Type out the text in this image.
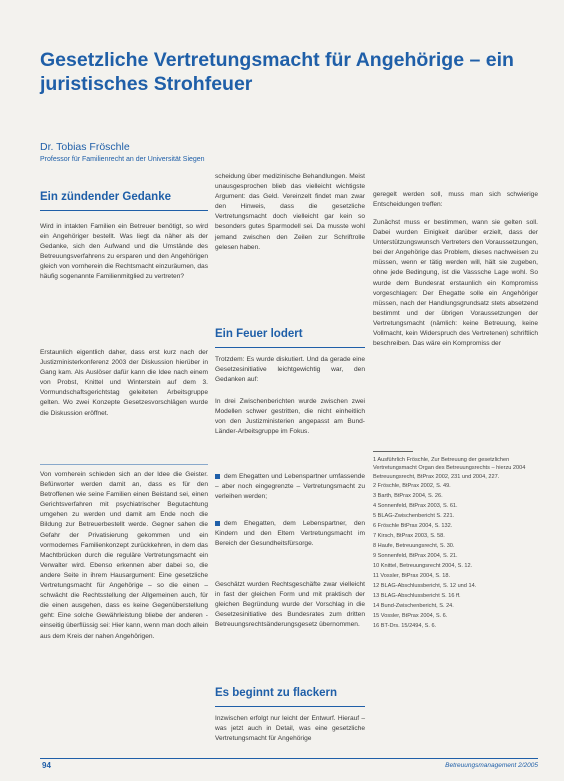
Gesetzliche Vertretungsmacht für Angehörige – ein juristisches Strohfeuer
Dr. Tobias Fröschle
Professor für Familienrecht an der Universität Siegen
Ein zündender Gedanke
Wird in intakten Familien ein Betreuer benötigt, so wird ein Angehöriger bestellt. Was liegt da näher als der Gedanke, sich den Aufwand und die Umstände des Betreuungsverfahrens zu ersparen und den Angehörigen gleich von vornherein die Rechtsmacht einzuräumen, das häufig sogenannte Familienmitglied zu vertreten?
Erstaunlich eigentlich daher, dass erst kurz nach der Justizministerkonferenz 2003 der Diskussion hierüber in Gang kam. Als Auslöser dafür kann die Idee nach einem von Probst, Knittel und Winterstein auf dem 3. Vormundschaftsgerichtstag geleiteten Arbeitsgruppe gelten. Wo zwei Konzepte Gesetzesvorschlägen wurde die Diskussion eröffnet.
Von vornherein schieden sich an der Idee die Geister. Befürworter werden damit an, dass es für den Betroffenen wie seine Familien einen Beistand sei, einen Gerichtsverfahren mit psychiatrischer Begutachtung umgehen zu werden und damit am Ende noch die Bildung zur Betreuerbestellt werde. Gegner sahen die Gefahr der Privatisierung gekommen und ein vormodernes Familienkonzept zurückkehren, in dem das Machtbrücken durch die reguläre Vertretungsmacht ein Verwalter wird. Ebenso erkennen aber dabei so, die andere Seite in ihrem Hausargument: Eine gesetzliche Vertretungsmacht für Angehörige – so die einen – schwächt die Rechtsstellung der Allgemeinen auch, für die einen ausgehen, dass es keine Gegenüberstellung geht: Eine solche Gewährleistung bliebe der anderen - einseitig überflüssig sei: Hier kann, wenn man doch allein aus dem Kreis der nahen Angehörigen.
scheidung über medizinische Behandlungen. Meist unausgesprochen blieb das vielleicht wichtigste Argument: das Geld. Vereinzelt findet man zwar den Hinweis, dass die gesetzliche Vertretungsmacht doch vielleicht gar kein so besonders gutes Sparmodell sei. Da musste wohl jemand zwischen den Zeilen zur Schriftrolle gelesen haben.
Ein Feuer lodert
Trotzdem: Es wurde diskutiert. Und da gerade eine Gesetzesinitiative leichtgewichtig war, den Gedanken auf:
In drei Zwischenberichten wurde zwischen zwei Modellen schwer gestritten, die nicht einheitlich von den Justizministerien angepasst am Bund-Länder-Arbeitsgruppe im Fokus.
dem Ehegatten und Lebenspartner umfassende – aber noch eingegrenzte – Vertretungsmacht zu verleihen werden;
dem Ehegatten, dem Lebenspartner, den Kindern und den Eltern Vertretungsmacht im Bereich der Gesundheitsfürsorge.
Geschätzt wurden Rechtsgeschäfte zwar vielleicht in fast der gleichen Form und mit praktisch der gleichen Begründung wurde der Vorschlag in die Gesetzesinitiative des Bundesrates zum dritten Betreuungsrechtsänderungsgesetz übernommen.
Es beginnt zu flackern
Inzwischen erfolgt nur leicht der Entwurf. Hierauf – was jetzt auch in Detail, was eine gesetzliche Vertretungsmacht für Angehörige
geregelt werden soll, muss man sich schwierige Entscheidungen treffen:
Zunächst muss er bestimmen, wann sie gelten soll. Dabei wurden Einigkeit darüber erzielt, dass der Unterstützungswunsch Vertreters den Voraussetzungen, bei der Angehörige das Problem, dieses nachweisen zu müssen, wenn er tätig werden will, hält sie zugeben, ohne jede Bedingung, ist die Vasssche Lage wohl. So wurde dem Bundesrat erstaunlich ein Kompromiss vorgeschlagen: Der Ehegatte solle ein Angehöriger müssen, nach der Handlungsgrundsatz stets absetzend bestimmt und der übrigen Voraussetzungen der Vertretungsmacht (nämlich: keine Betreuung, keine Vollmacht, kein Widerspruch des Vertretenen) schriftlich beschreiben. Das wäre ein Kompromiss der
1 Ausführlich Fröschle, Zur Betreuung der gesetzlichen Vertretungsmacht Organ des Betreuungsrechts – hierzu 2004 Betreuungsrecht, BtPrax 2002, 231 und 2004, 227.
2 Fröschle, BtPrax 2002, S. 49.
3 Barth, BtPrax 2004, S. 26.
4 Sonnenfeld, BtPrax 2003, S. 61.
5 BLAG-Zwischenbericht S. 221.
6 Fröschle BtPrax 2004, S. 132.
7 Kirsch, BtPrax 2003, S. 58.
8 Haufe, Betreuungsrecht, S. 30.
9 Sonnenfeld, BtPrax 2004, S. 21.
10 Knittel, Betreuungsrecht 2004, S. 12.
11 Vossler, BtPrax 2004, S. 18.
12 BLAG-Abschlussbericht, S. 12 und 14.
13 BLAG-Abschlussbericht S. 16 ff.
14 Bund-Zwischenbericht, S. 24.
15 Vossler, BtPrax 2004, S. 6.
16 BT-Drs. 15/2494, S. 6.
94	Betreuungsmanagement 2/2005
